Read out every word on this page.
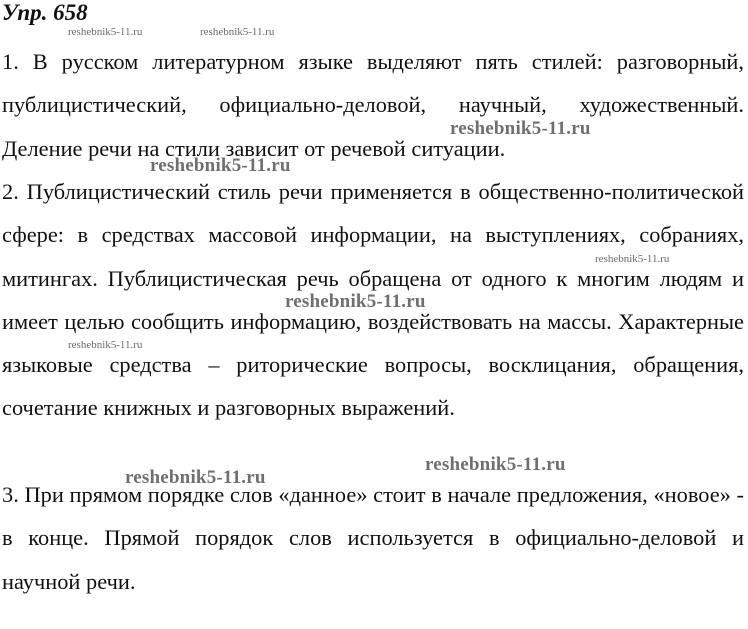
Упр. 658

1. В русском литературном языке выделяют пять стилей: разговорный, публицистический, официально-деловой, научный, художественный. Деление речи на стили зависит от речевой ситуации.

2. Публицистический стиль речи применяется в общественно-политической сфере: в средствах массовой информации, на выступлениях, собраниях, митингах. Публицистическая речь обращена от одного к многим людям и имеет целью сообщить информацию, воздействовать на массы. Характерные языковые средства – риторические вопросы, восклицания, обращения, сочетание книжных и разговорных выражений.

3. При прямом порядке слов «данное» стоит в начале предложения, «новое» - в конце. Прямой порядок слов используется в официально-деловой и научной речи.

reshebnik5-11.ru	reshebnik5-11.ru
reshebnik5-11.ru
reshebnik5-11.ru
reshebnik5-11.ru
reshebnik5-11.ru
reshebnik5-11.ru
reshebnik5-11.ru
reshebnik5-11.ru
